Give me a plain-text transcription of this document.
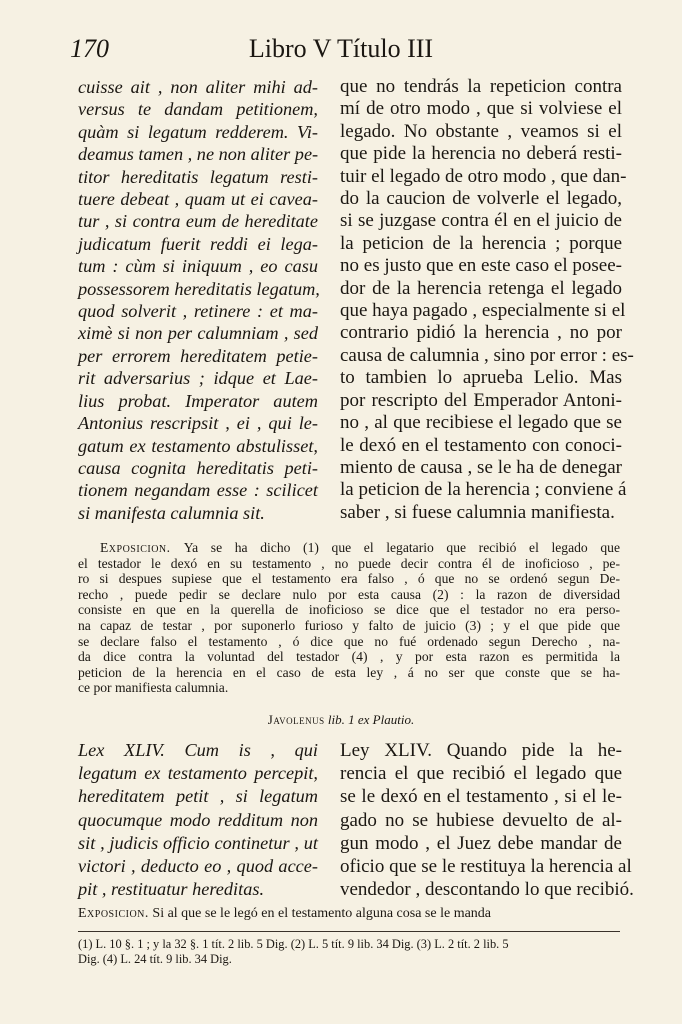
170	Libro V Título III
cuisse ait , non aliter mihi ad-
versus te dandam petitionem,
quàm si legatum redderem. Vi-
deamus tamen , ne non aliter pe-
titor hereditatis legatum resti-
tuere debeat , quam ut ei cavea-
tur , si contra eum de hereditate
judicatum fuerit reddi ei lega-
tum : cùm si iniquum , eo casu
possessorem hereditatis legatum,
quod solverit , retinere : et ma-
ximè si non per calumniam , sed
per errorem hereditatem petie-
rit adversarius ; idque et Lae-
lius probat. Imperator autem
Antonius rescripsit , ei , qui le-
gatum ex testamento abstulisset,
causa cognita hereditatis peti-
tionem negandam esse : scilicet
si manifesta calumnia sit.
que no tendrás la repeticion contra
mí de otro modo , que si volviese el
legado. No obstante , veamos si el
que pide la herencia no deberá resti-
tuir el legado de otro modo , que dan-
do la caucion de volverle el legado,
si se juzgase contra él en el juicio de
la peticion de la herencia ; porque
no es justo que en este caso el posee-
dor de la herencia retenga el legado
que haya pagado , especialmente si el
contrario pidió la herencia , no por
causa de calumnia , sino por error : es-
to tambien lo aprueba Lelio. Mas
por rescripto del Emperador Antoni-
no , al que recibiese el legado que se
le dexó en el testamento con conoci-
miento de causa , se le ha de denegar
la peticion de la herencia ; conviene á
saber , si fuese calumnia manifiesta.
Exposicion. Ya se ha dicho (1) que el legatario que recibió el legado que
el testador le dexó en su testamento , no puede decir contra él de inoficioso , pe-
ro si despues supiese que el testamento era falso , ó que no se ordenó segun De-
recho , puede pedir se declare nulo por esta causa (2) : la razon de diversidad
consiste en que en la querella de inoficioso se dice que el testador no era perso-
na capaz de testar , por suponerlo furioso y falto de juicio (3) ; y el que pide que
se declare falso el testamento , ó dice que no fué ordenado segun Derecho , na-
da dice contra la voluntad del testador (4) , y por esta razon es permitida la
peticion de la herencia en el caso de esta ley , á no ser que conste que se ha-
ce por manifiesta calumnia.
Javolenus lib. 1 ex Plautio.
Lex XLIV. Cum is , qui
legatum ex testamento percepit,
hereditatem petit , si legatum
quocumque modo redditum non
sit , judicis officio continetur , ut
victori , deducto eo , quod acce-
pit , restituatur hereditas.
Ley XLIV. Quando pide la he-
rencia el que recibió el legado que
se le dexó en el testamento , si el le-
gado no se hubiese devuelto de al-
gun modo , el Juez debe mandar de
oficio que se le restituya la herencia al
vendedor , descontando lo que recibió.
Exposicion. Si al que se le legó en el testamento alguna cosa se le manda
(1) L. 10 §. 1 ; y la 32 §. 1 tít. 2 lib. 5 Dig. (2) L. 5 tít. 9 lib. 34 Dig. (3) L. 2 tít. 2 lib. 5
Dig. (4) L. 24 tít. 9 lib. 34 Dig.
